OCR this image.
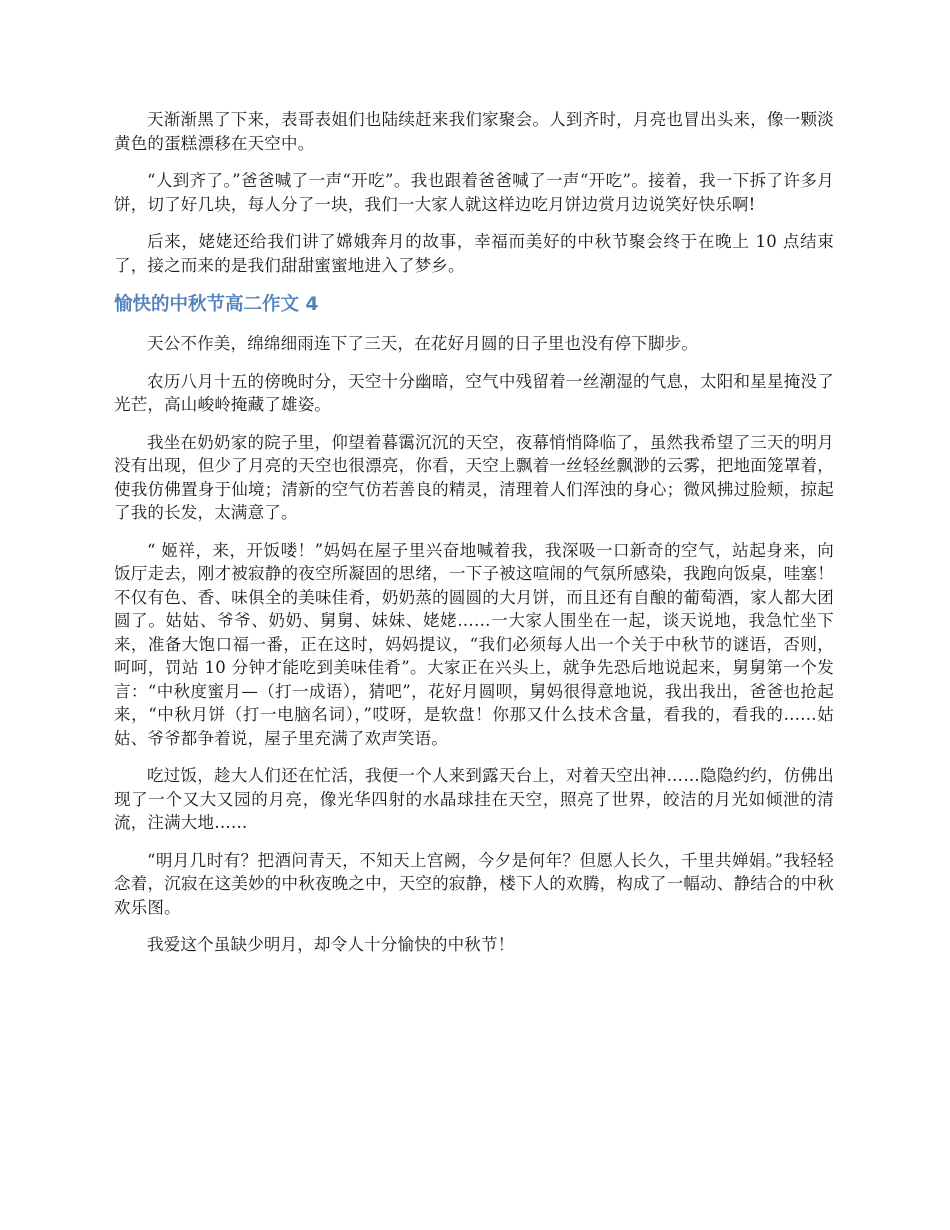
天渐渐黑了下来，表哥表姐们也陆续赶来我们家聚会。人到齐时，月亮也冒出头来，像一颗淡黄色的蛋糕漂移在天空中。

“人到齐了。”爸爸喊了一声“开吃”。我也跟着爸爸喊了一声“开吃”。接着，我一下拆了许多月饼，切了好几块，每人分了一块，我们一大家人就这样边吃月饼边赏月边说笑好快乐啊!

后来，姥姥还给我们讲了嫦娥奔月的故事，幸福而美好的中秋节聚会终于在晚上 10 点结束了，接之而来的是我们甜甜蜜蜜地进入了梦乡。

愉快的中秋节高二作文 4

天公不作美，绵绵细雨连下了三天，在花好月圆的日子里也没有停下脚步。

农历八月十五的傍晚时分，天空十分幽暗，空气中残留着一丝潮湿的气息，太阳和星星掩没了光芒，高山峻岭掩藏了雄姿。

我坐在奶奶家的院子里，仰望着暮霭沉沉的天空，夜幕悄悄降临了，虽然我希望了三天的明月没有出现，但少了月亮的天空也很漂亮，你看，天空上飘着一丝轻丝飘渺的云雾，把地面笼罩着，使我仿佛置身于仙境；清新的空气仿若善良的精灵，清理着人们浑浊的身心；微风拂过脸颊，掠起了我的长发，太满意了。

“ 姬祥，来，开饭喽！”妈妈在屋子里兴奋地喊着我，我深吸一口新奇的空气，站起身来，向饭厅走去，刚才被寂静的夜空所凝固的思绪，一下子被这喧闹的气氛所感染，我跑向饭桌，哇塞！不仅有色、香、味俱全的美味佳肴，奶奶蒸的圆圆的大月饼，而且还有自酿的葡萄酒，家人都大团圆了。姑姑、爷爷、奶奶、舅舅、妹妹、姥姥……一大家人围坐在一起，谈天说地，我急忙坐下来，准备大饱口福一番，正在这时，妈妈提议，“我们必须每人出一个关于中秋节的谜语，否则，呵呵，罚站 10 分钟才能吃到美味佳肴”。大家正在兴头上，就争先恐后地说起来，舅舅第一个发言：“中秋度蜜月—（打一成语），猜吧”，花好月圆呗，舅妈很得意地说，我出我出，爸爸也抢起来，“中秋月饼（打一电脑名词），”哎呀，是软盘！你那又什么技术含量，看我的，看我的……姑姑、爷爷都争着说，屋子里充满了欢声笑语。

吃过饭，趁大人们还在忙活，我便一个人来到露天台上，对着天空出神……隐隐约约，仿佛出现了一个又大又园的月亮，像光华四射的水晶球挂在天空，照亮了世界，皎洁的月光如倾泄的清流，注满大地……

“明月几时有？把酒问青天，不知天上宫阙，今夕是何年？但愿人长久，千里共婵娟。”我轻轻念着，沉寂在这美妙的中秋夜晚之中，天空的寂静，楼下人的欢腾，构成了一幅动、静结合的中秋欢乐图。

我爱这个虽缺少明月，却令人十分愉快的中秋节！
